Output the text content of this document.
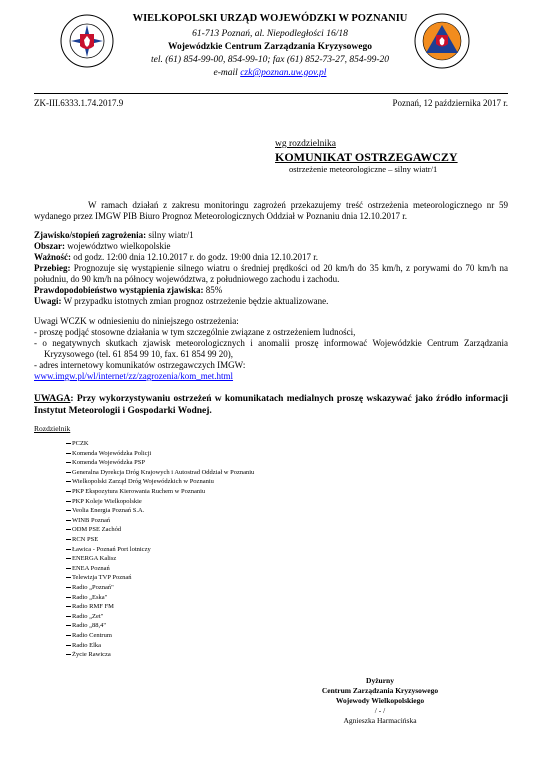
WIELKOPOLSKI URZĄD WOJEWÓDZKI W POZNANIU
61-713 Poznań, al. Niepodległości 16/18
Wojewódzkie Centrum Zarządzania Kryzysowego
tel. (61) 854-99-00, 854-99-10; fax (61) 852-73-27, 854-99-20
e-mail czk@poznan.uw.gov.pl
ZK-III.6333.1.74.2017.9	Poznań, 12 października 2017 r.
wg rozdzielnika
KOMUNIKAT OSTRZEGAWCZY
ostrzeżenie meteorologiczne – silny wiatr/1
W ramach działań z zakresu monitoringu zagrożeń przekazujemy treść ostrzeżenia meteorologicznego nr 59 wydanego przez IMGW PIB Biuro Prognoz Meteorologicznych Oddział w Poznaniu dnia 12.10.2017 r.
Zjawisko/stopień zagrożenia: silny wiatr/1
Obszar: województwo wielkopolskie
Ważność: od godz. 12:00 dnia 12.10.2017 r. do godz. 19:00 dnia 12.10.2017 r.
Przebieg: Prognozuje się wystąpienie silnego wiatru o średniej prędkości od 20 km/h do 35 km/h, z porywami do 70 km/h na południu, do 90 km/h na północy województwa, z południowego zachodu i zachodu.
Prawdopodobieństwo wystąpienia zjawiska: 85%
Uwagi: W przypadku istotnych zmian prognoz ostrzeżenie będzie aktualizowane.
Uwagi WCZK w odniesieniu do niniejszego ostrzeżenia:
- proszę podjąć stosowne działania w tym szczególnie związane z ostrzeżeniem ludności,
- o negatywnych skutkach zjawisk meteorologicznych i anomalii proszę informować Wojewódzkie Centrum Zarządzania Kryzysowego (tel. 61 854 99 10, fax. 61 854 99 20),
- adres internetowy komunikatów ostrzegawczych IMGW:
www.imgw.pl/wl/internet/zz/zagrozenia/kom_met.html
UWAGA: Przy wykorzystywaniu ostrzeżeń w komunikatach medialnych proszę wskazywać jako źródło informacji Instytut Meteorologii i Gospodarki Wodnej.
Rozdzielnik
PCZK
Komenda Wojewódzka Policji
Komenda Wojewódzka PSP
Generalna Dyrekcja Dróg Krajowych i Autostrad Oddział w Poznaniu
Wielkopolski Zarząd Dróg Wojewódzkich w Poznaniu
PKP Ekspozytura Kierowania Ruchem w Poznaniu
PKP Koleje Wielkopolskie
Veolia Energia Poznań S.A.
WINB Poznań
ODM PSE Zachód
RCN PSE
Ławica - Poznań Port lotniczy
ENERGA Kalisz
ENEA Poznań
Telewizja TVP Poznań
Radio „Poznań"
Radio „Eska"
Radio RMF FM
Radio „Zet"
Radio „88,4"
Radio Centrum
Radio Elka
Życie Rawicza
Dyżurny
Centrum Zarządzania Kryzysowego
Wojewody Wielkopolskiego
/ - /
Agnieszka Harmacińska
